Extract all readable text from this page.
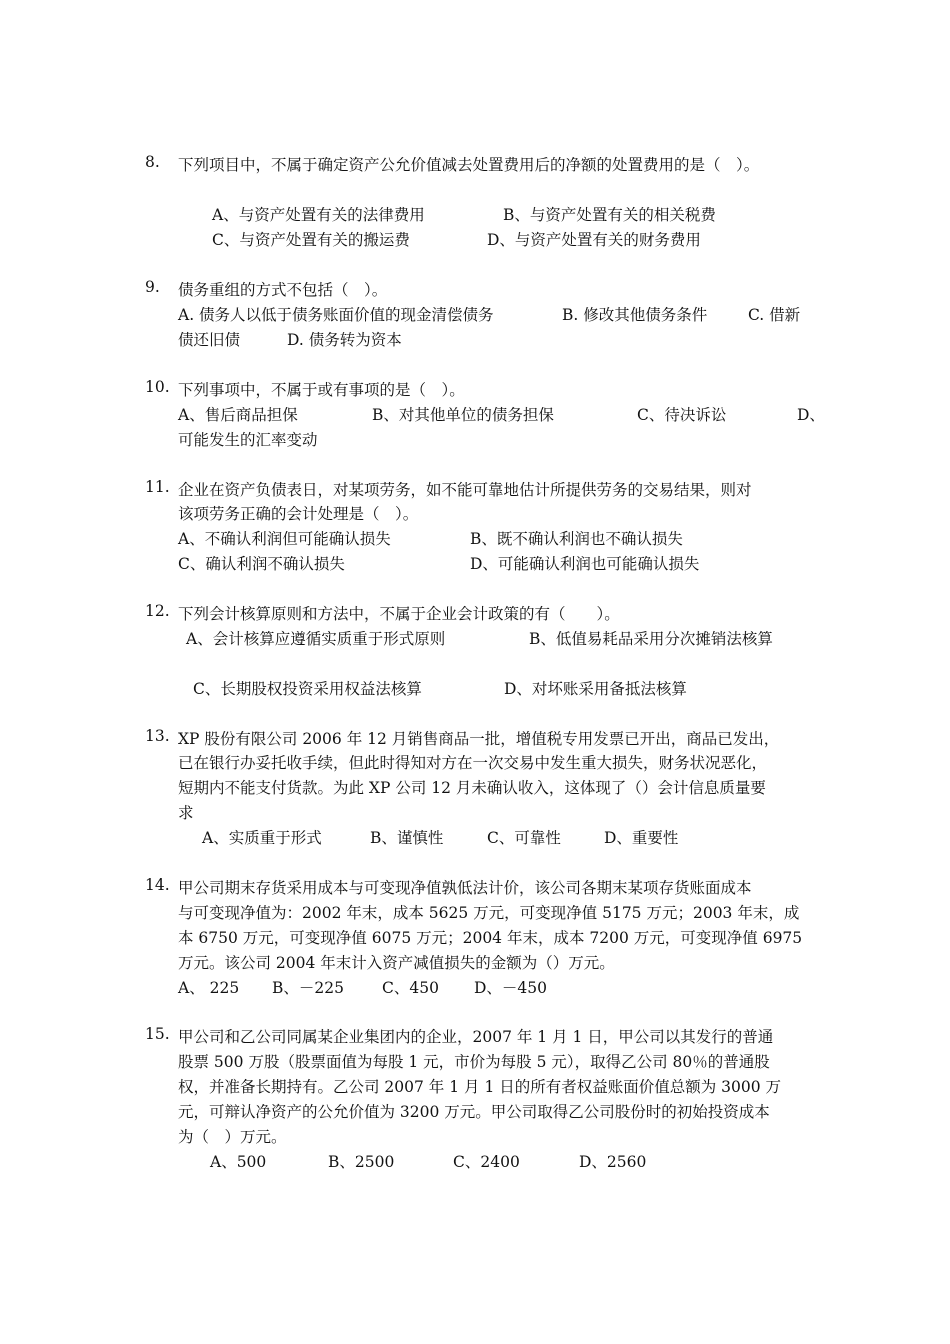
8. 下列项目中，不属于确定资产公允价值减去处置费用后的净额的处置费用的是（　）。
A、与资产处置有关的法律费用	B、与资产处置有关的相关税费
C、与资产处置有关的搬运费	D、与资产处置有关的财务费用
9. 债务重组的方式不包括（　）。
A. 债务人以低于债务账面价值的现金清偿债务	B. 修改其他债务条件	C. 借新
债还旧债	D. 债务转为资本
10. 下列事项中，不属于或有事项的是（　）。
A、售后商品担保	B、对其他单位的债务担保	C、待决诉讼	D、
可能发生的汇率变动
11. 企业在资产负债表日，对某项劳务，如不能可靠地估计所提供劳务的交易结果，则对
该项劳务正确的会计处理是（　）。
A、不确认利润但可能确认损失	B、既不确认利润也不确认损失
C、确认利润不确认损失	D、可能确认利润也可能确认损失
12. 下列会计核算原则和方法中，不属于企业会计政策的有（　　）。
A、会计核算应遵循实质重于形式原则	B、低值易耗品采用分次摊销法核算
C、长期股权投资采用权益法核算	D、对坏账采用备抵法核算
13. XP 股份有限公司 2006 年 12 月销售商品一批，增值税专用发票已开出，商品已发出，
已在银行办妥托收手续，但此时得知对方在一次交易中发生重大损失，财务状况恶化，
短期内不能支付货款。为此 XP 公司 12 月未确认收入，这体现了（）会计信息质量要
求
A、实质重于形式	B、谨慎性	C、可靠性	D、重要性
14. 甲公司期末存货采用成本与可变现净值孰低法计价，该公司各期末某项存货账面成本
与可变现净值为：2002 年末，成本 5625 万元，可变现净值 5175 万元；2003 年末，成
本 6750 万元，可变现净值 6075 万元；2004 年末，成本 7200 万元，可变现净值 6975
万元。该公司 2004 年末计入资产减值损失的金额为（）万元。
A、 225 B、－225 C、450 D、－450
15. 甲公司和乙公司同属某企业集团内的企业，2007 年 1 月 1 日，甲公司以其发行的普通
股票 500 万股（股票面值为每股 1 元，市价为每股 5 元），取得乙公司 80％的普通股
权，并准备长期持有。乙公司 2007 年 1 月 1 日的所有者权益账面价值总额为 3000 万
元，可辩认净资产的公允价值为 3200 万元。甲公司取得乙公司股份时的初始投资成本
为（　）万元。
A、500	B、2500	C、2400	D、2560
